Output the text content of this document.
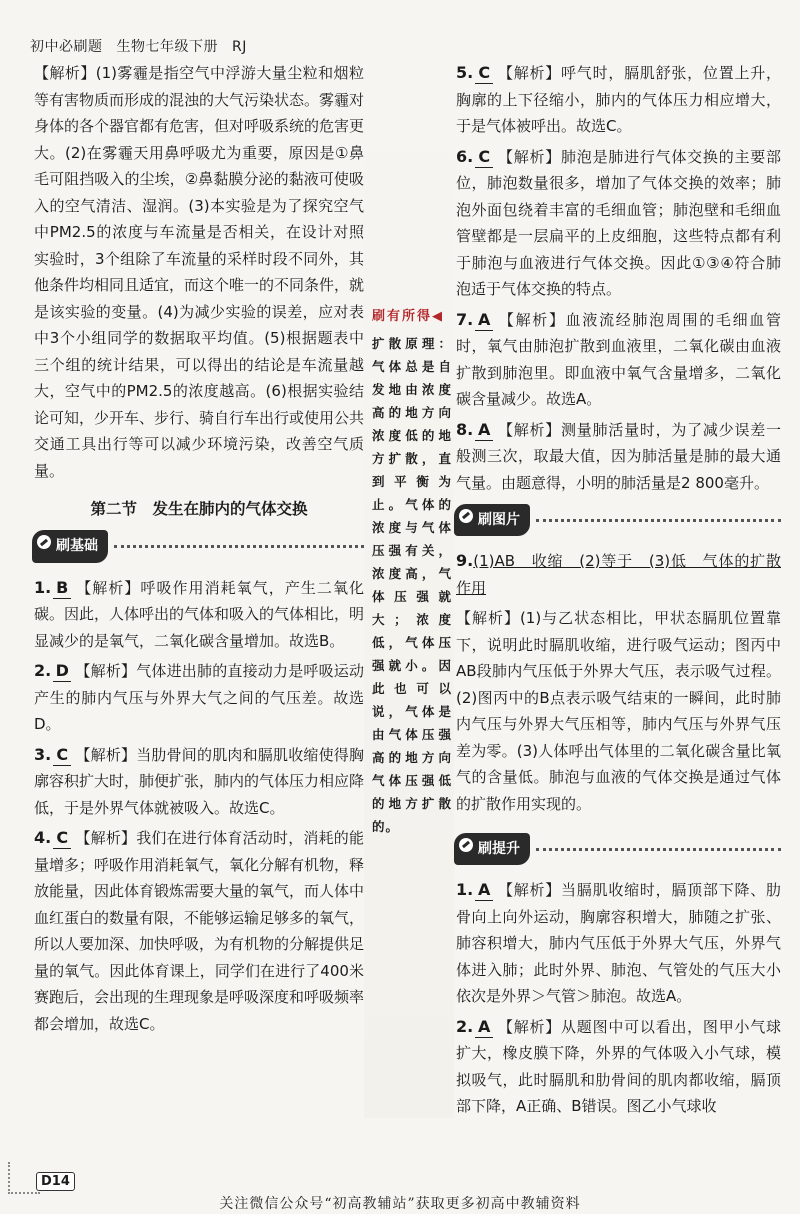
初中必刷题 生物七年级下册 RJ

【解析】(1)雾霾是指空气中浮游大量尘粒和烟粒等有害物质而形成的混浊的大气污染状态。雾霾对身体的各个器官都有危害，但对呼吸系统的危害更大。(2)在雾霾天用鼻呼吸尤为重要，原因是①鼻毛可阻挡吸入的尘埃，②鼻黏膜分泌的黏液可使吸入的空气清洁、湿润。(3)本实验是为了探究空气中PM2.5的浓度与车流量是否相关，在设计对照实验时，3个组除了车流量的采样时段不同外，其他条件均相同且适宜，而这个唯一的不同条件，就是该实验的变量。(4)为减少实验的误差，应对表中3个小组同学的数据取平均值。(5)根据题表中三个组的统计结果，可以得出的结论是车流量越大，空气中的PM2.5的浓度越高。(6)根据实验结论可知，少开车、步行、骑自行车出行或使用公共交通工具出行等可以减少环境污染，改善空气质量。

第二节　发生在肺内的气体交换
刷基础
1. B 【解析】呼吸作用消耗氧气，产生二氧化碳。因此，人体呼出的气体和吸入的气体相比，明显减少的是氧气，二氧化碳含量增加。故选B。
2. D 【解析】气体进出肺的直接动力是呼吸运动产生的肺内气压与外界大气之间的气压差。故选D。
3. C 【解析】当肋骨间的肌肉和膈肌收缩使得胸廓容积扩大时，肺便扩张，肺内的气体压力相应降低，于是外界气体就被吸入。故选C。
4. C 【解析】我们在进行体育活动时，消耗的能量增多；呼吸作用消耗氧气，氧化分解有机物，释放能量，因此体育锻炼需要大量的氧气，而人体中血红蛋白的数量有限，不能够运输足够多的氧气，所以人要加深、加快呼吸，为有机物的分解提供足量的氧气。因此体育课上，同学们在进行了400米赛跑后，会出现的生理现象是呼吸深度和呼吸频率都会增加，故选C。
刷有所得◀
扩散原理：气体总是自发地由浓度高的地方向浓度低的地方扩散，直到平衡为止。气体的浓度与气体压强有关，浓度高，气体压强就大；浓度低，气体压强就小。因此也可以说，气体是由气体压强高的地方向气体压强低的地方扩散的。
5. C 【解析】呼气时，膈肌舒张，位置上升，胸廓的上下径缩小，肺内的气体压力相应增大，于是气体被呼出。故选C。
6. C 【解析】肺泡是肺进行气体交换的主要部位，肺泡数量很多，增加了气体交换的效率；肺泡外面包绕着丰富的毛细血管；肺泡壁和毛细血管壁都是一层扁平的上皮细胞，这些特点都有利于肺泡与血液进行气体交换。因此①③④符合肺泡适于气体交换的特点。
7. A 【解析】血液流经肺泡周围的毛细血管时，氧气由肺泡扩散到血液里，二氧化碳由血液扩散到肺泡里。即血液中氧气含量增多，二氧化碳含量减少。故选A。
8. A 【解析】测量肺活量时，为了减少误差一般测三次，取最大值，因为肺活量是肺的最大通气量。由题意得，小明的肺活量是2 800毫升。
刷图片
9.(1)AB　收缩　(2)等于　(3)低　气体的扩散作用
【解析】(1)与乙状态相比，甲状态膈肌位置靠下，说明此时膈肌收缩，进行吸气运动；图丙中AB段肺内气压低于外界大气压，表示吸气过程。(2)图丙中的B点表示吸气结束的一瞬间，此时肺内气压与外界大气压相等，肺内气压与外界气压差为零。(3)人体呼出气体里的二氧化碳含量比氧气的含量低。肺泡与血液的气体交换是通过气体的扩散作用实现的。
刷提升
1. A 【解析】当膈肌收缩时，膈顶部下降、肋骨向上向外运动，胸廓容积增大，肺随之扩张、肺容积增大，肺内气压低于外界大气压，外界气体进入肺；此时外界、肺泡、气管处的气压大小依次是外界＞气管＞肺泡。故选A。
2. A 【解析】从题图中可以看出，图甲小气球扩大，橡皮膜下降，外界的气体吸入小气球，模拟吸气，此时膈肌和肋骨间的肌肉都收缩，膈顶部下降，A正确、B错误。图乙小气球收
D14
关注微信公众号“初高教辅站”获取更多初高中教辅资料
